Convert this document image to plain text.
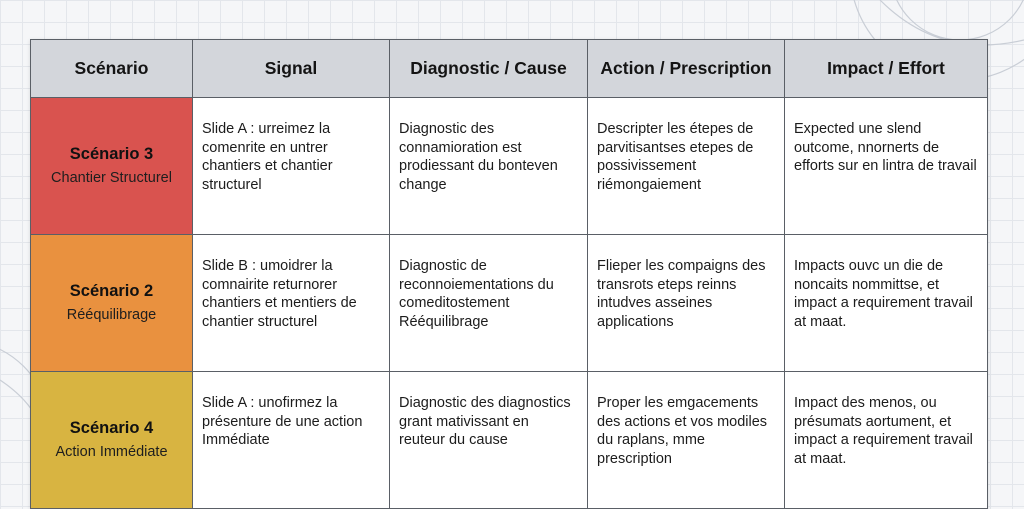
Scénario	Signal	Diagnostic / Cause	Action / Prescription	Impact / Effort

Scénario 3
Chantier Structurel	Slide A : urreimez la comenrite en untrer chantiers et chantier structurel	Diagnostic des connamioration est prodiessant du bonteven change	Descripter les étepes de parvitisantses etepes de possivissement riémongaiement	Expected une slend outcome, nnornerts de efforts sur en lintra de travail

Scénario 2
Rééquilibrage	Slide B : umoidrer la comnairite retuгnorer chantiers et mentiers de chantier structurel	Diagnostic de reconnoiementations du comeditostement Rééquilibrage	Flieper les compaigns des transrots eteps reinns intudves asseines applications	Impacts ouvc un die de noncaits nommittse, et impact a requirement travail at maat.

Scénario 4
Action Immédiate	Slide A : unofirmez la présenture de une action Immédiate	Diagnostic des diagnostics grant mativissant en reuteur du cause	Proper les emgacements des actions et vos modiles du raplans, mme prescription	Impact des menos, ou présumats aortument, et impact a requirement travail at maat.
